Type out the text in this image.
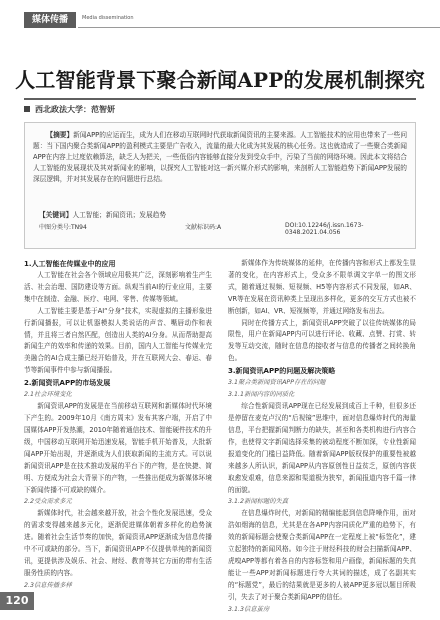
媒体传播	Media dissemination
人工智能背景下聚合新闻APP的发展机制探究
西北政法大学：范智妍
【摘要】新闻APP的应运而生，成为人们在移动互联网时代获取新闻资讯的主要来源。人工智能技术的应用也带来了一些问题：当下国内聚合类新闻APP的盈利模式主要是广告收入，流量的最大化成为其发展的核心任务。这也就造成了一些聚合类新闻APP在内容上过度依赖算法，缺乏人为把关，一些低俗内容能够直接分发到受众手中，污染了当前的网络环境。因此本文将结合人工智能的发展现状及其对新闻业的影响，以探究人工智能对这一新兴媒介形式的影响，来剖析人工智能趋势下新闻APP发展的深层逻辑，并对其发展存在的问题进行总结。
【关键词】人工智能；新闻资讯；发展趋势
中图分类号:TN94	文献标识码:A	DOI:10.12246/j.issn.1673-0348.2021.04.056
1.人工智能在传媒业中的应用

人工智能在社会各个领域应用极其广泛，深刻影响着生产生活、社会治理、国防建设等方面。纵观当前AI的行业应用，主要集中在制造、金融、医疗、电网、零售、传媒等领域。

人工智能主要是基于AI“分身”技术，实现虚拟的主播形象进行新闻播报，可以让机器模拟人类说话的声音、嘴唇动作和表情，并且将三者自然匹配，创造出人类的AI分身。从而帮助提高新闻生产的效率和传递的效果。目前，国内人工智能与传媒业完美融合的AI合成主播已经开始普及，并在互联网大会、春运、春节等新闻事件中参与新闻播报。

2.新闻资讯APP的市场发展
2.1社会环境变化

新闻资讯APP的发展是在当前移动互联网和新媒体时代环境下产生的。2009年10月《南方周末》发布其客户端，开启了中国媒体APP开发热潮，2010年随着通信技术、智能硬件技术的升级，中国移动互联网开始迅速发展，智能手机开始普及，大批新闻APP开始出现，并逐渐成为人们获取新闻的主流方式。可以说新闻资讯APP是在技术推动发展的平台下的产物，是在快捷、简明、方便成为社会大背景下的产物，一些推出便成为新媒体环境下新闻传播不可或缺的媒介。

2.2受众需求多元

新媒体时代，社会越来越开放，社会个性化发展迅速，受众的需求变得越来越多元化，逐渐促进媒体朝着多样化的趋势演进。随着社会生活节奏的加快，新闻资讯APP逐渐成为信息传播中不可或缺的部分。当下，新闻资讯APP不仅提供单纯的新闻资讯，更提供涉及娱乐、社会、财经、教育等其它方面的带有生活服务性质的内容。

2.3信息传播多样

新媒体作为传统媒体的延伸，在传播内容和形式上都发生显著的变化，在内容形式上，受众多不限单调文字单一的图文形式，随着通过视频、短视频、H5等内容形式不同发展，如AR、VR等在发展在资讯种类上呈现出多样化，更多的交互方式也被不断创新，如AI、VR、短视频等，并通过网络发布出去。

同时在传播方式上，新闻资讯APP突破了以往传统媒体的局限性，用户在新闻APP内可以进行评论、收藏、点赞、打赏、转发等互动交流，随时在信息的接收者与信息的传播者之间转换角色。

3.新闻资讯APP的问题及解决策略
3.1聚合类新闻资讯APP存在的问题
3.1.1新闻内容的同质化

综合性新闻资讯APP现在已经发展到成百上千种，但很多还是停留在麦克卢汉的“后视镜”思维中，面对信息爆炸时代的海量信息，平台把握新闻判断力的缺失，甚至和各类机构进行内容合作，也使得文字新闻选择采集的被动程度不断加深，专业性新闻报道变化的门槛日益降低。随着新闻APP版权保护的重要性被越来越多人所认识，新闻APP从内容原创性日益贫乏，原创内容获取愈发艰难，信息来源和渠道极为狭窄，新闻报道内容千篇一律的面貌。

3.1.2新闻标题的失真

在信息爆炸时代，对新闻的精编能起到信息降噪作用，面对浩如烟海的信息，尤其是在各APP内容同质化严重的趋势下，有效的新闻标题会使聚合类新闻APP在一定程度上被“标签化”，建立起独特的新闻风格。如今注于财经科技的财会扫描新闻APP、虎嗅APP等都有着各自的内容标签和用户画像，新闻标题的失真能让一些APP对新闻标题进行夸大其词的描述，成了名副其实的“标题党”，最后的结果就是更多的人被APP更多冠以题目所吸引，失去了对于聚合类新闻APP的信任。

3.1.3信息茧房
120
